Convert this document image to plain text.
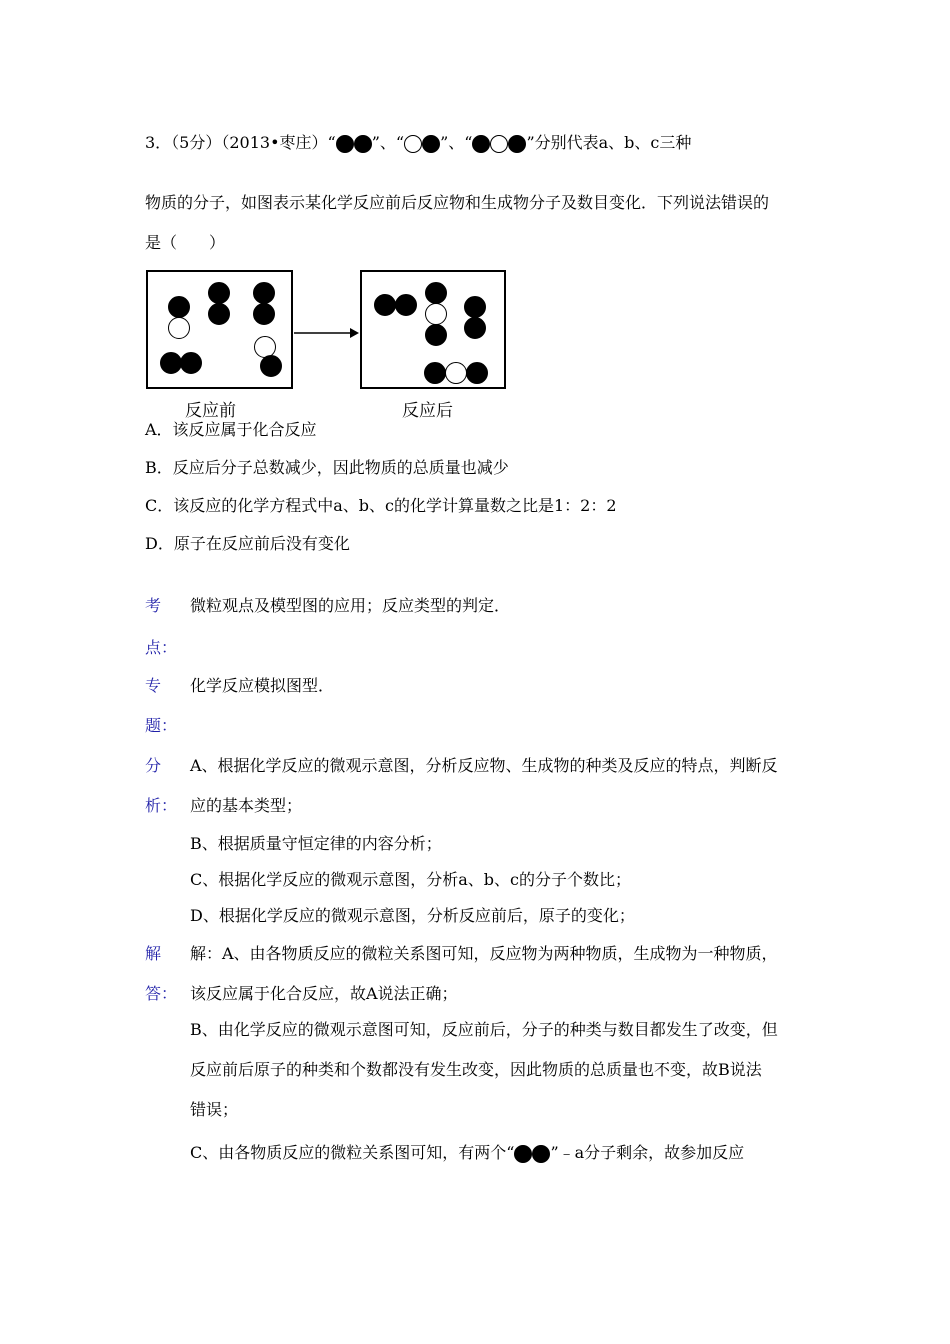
3．（5分）（2013•枣庄）“ ”、“ ”、“	”分别代表a、b、c三种
物质的分子，如图表示某化学反应前后反应物和生成物分子及数目变化．下列说法错误的
是（　　）
反应前	反应后
A．该反应属于化合反应
B．反应后分子总数减少，因此物质的总质量也减少
C．该反应的化学方程式中a、b、c的化学计算量数之比是1：2：2
D．原子在反应前后没有变化
考
点：
微粒观点及模型图的应用；反应类型的判定．
专
题：
化学反应模拟图型．
分
析：
A、根据化学反应的微观示意图，分析反应物、生成物的种类及反应的特点，判断反
应的基本类型；
B、根据质量守恒定律的内容分析；
C、根据化学反应的微观示意图，分析a、b、c的分子个数比；
D、根据化学反应的微观示意图，分析反应前后，原子的变化；
解
答：
解：A、由各物质反应的微粒关系图可知，反应物为两种物质，生成物为一种物质，
该反应属于化合反应，故A说法正确；
B、由化学反应的微观示意图可知，反应前后，分子的种类与数目都发生了改变，但
反应前后原子的种类和个数都没有发生改变，因此物质的总质量也不变，故B说法
错误；
C、由各物质反应的微粒关系图可知，有两个“ ”﹣a分子剩余，故参加反应
